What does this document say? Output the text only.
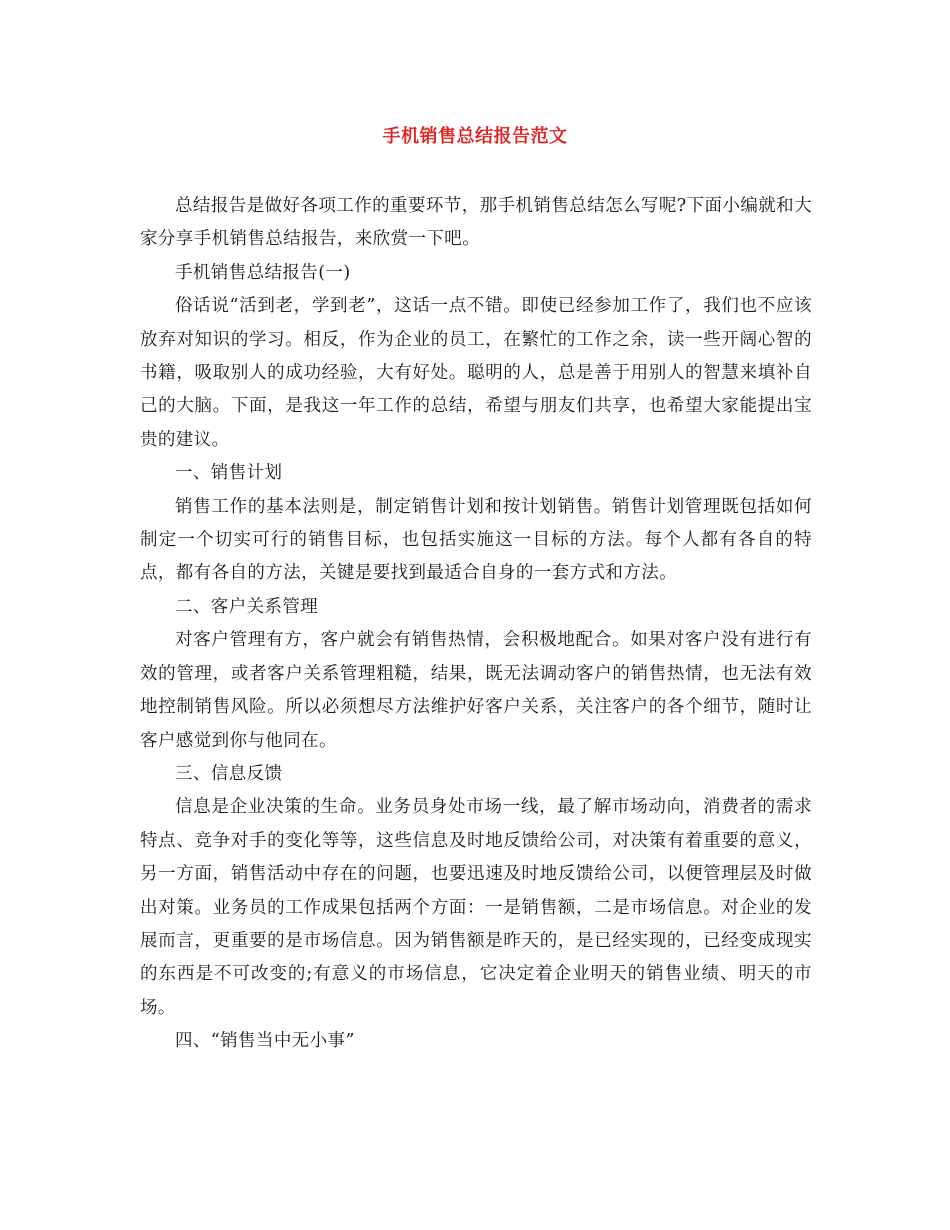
手机销售总结报告范文

总结报告是做好各项工作的重要环节，那手机销售总结怎么写呢?下面小编就和大家分享手机销售总结报告，来欣赏一下吧。

手机销售总结报告(一)

俗话说“活到老，学到老”，这话一点不错。即使已经参加工作了，我们也不应该放弃对知识的学习。相反，作为企业的员工，在繁忙的工作之余，读一些开阔心智的书籍，吸取别人的成功经验，大有好处。聪明的人，总是善于用别人的智慧来填补自己的大脑。下面，是我这一年工作的总结，希望与朋友们共享，也希望大家能提出宝贵的建议。

一、销售计划

销售工作的基本法则是，制定销售计划和按计划销售。销售计划管理既包括如何制定一个切实可行的销售目标，也包括实施这一目标的方法。每个人都有各自的特点，都有各自的方法，关键是要找到最适合自身的一套方式和方法。

二、客户关系管理

对客户管理有方，客户就会有销售热情，会积极地配合。如果对客户没有进行有效的管理，或者客户关系管理粗糙，结果，既无法调动客户的销售热情，也无法有效地控制销售风险。所以必须想尽方法维护好客户关系，关注客户的各个细节，随时让客户感觉到你与他同在。

三、信息反馈

信息是企业决策的生命。业务员身处市场一线，最了解市场动向，消费者的需求特点、竞争对手的变化等等，这些信息及时地反馈给公司，对决策有着重要的意义，另一方面，销售活动中存在的问题，也要迅速及时地反馈给公司，以便管理层及时做出对策。业务员的工作成果包括两个方面：一是销售额，二是市场信息。对企业的发展而言，更重要的是市场信息。因为销售额是昨天的，是已经实现的，已经变成现实的东西是不可改变的;有意义的市场信息，它决定着企业明天的销售业绩、明天的市场。

四、“销售当中无小事”
